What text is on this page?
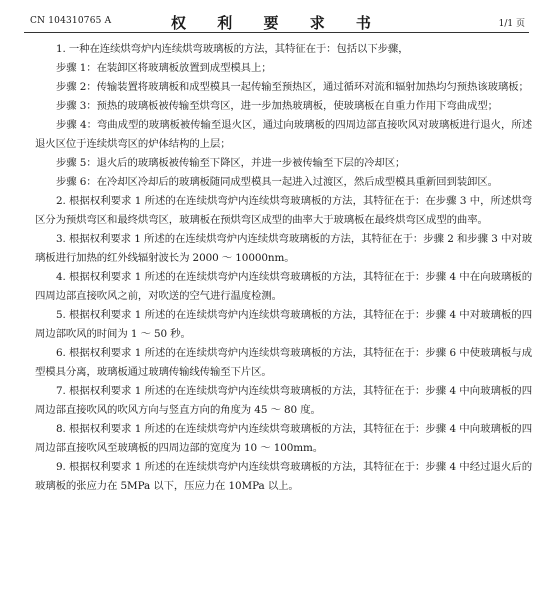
CN 104310765 A	权 利 要 求 书	1/1 页

1. 一种在连续烘弯炉内连续烘弯玻璃板的方法，其特征在于：包括以下步骤，

步骤 1：在装卸区将玻璃板放置到成型模具上；

步骤 2：传输装置将玻璃板和成型模具一起传输至预热区，通过循环对流和辐射加热均匀预热该玻璃板；

步骤 3：预热的玻璃板被传输至烘弯区，进一步加热玻璃板，使玻璃板在自重力作用下弯曲成型；

步骤 4：弯曲成型的玻璃板被传输至退火区，通过向玻璃板的四周边部直接吹风对玻璃板进行退火，所述退火区位于连续烘弯区的炉体结构的上层；

步骤 5：退火后的玻璃板被传输至下降区，并进一步被传输至下层的冷却区；

步骤 6：在冷却区冷却后的玻璃板随同成型模具一起进入过渡区，然后成型模具重新回到装卸区。

2. 根据权利要求 1 所述的在连续烘弯炉内连续烘弯玻璃板的方法，其特征在于：在步骤 3 中，所述烘弯区分为预烘弯区和最终烘弯区，玻璃板在预烘弯区成型的曲率大于玻璃板在最终烘弯区成型的曲率。

3. 根据权利要求 1 所述的在连续烘弯炉内连续烘弯玻璃板的方法，其特征在于：步骤 2 和步骤 3 中对玻璃板进行加热的红外线辐射波长为 2000 ～ 10000nm。

4. 根据权利要求 1 所述的在连续烘弯炉内连续烘弯玻璃板的方法，其特征在于：步骤 4 中在向玻璃板的四周边部直接吹风之前，对吹送的空气进行温度检测。

5. 根据权利要求 1 所述的在连续烘弯炉内连续烘弯玻璃板的方法，其特征在于：步骤 4 中对玻璃板的四周边部吹风的时间为 1 ～ 50 秒。

6. 根据权利要求 1 所述的在连续烘弯炉内连续烘弯玻璃板的方法，其特征在于：步骤 6 中使玻璃板与成型模具分离，玻璃板通过玻璃传输线传输至下片区。

7. 根据权利要求 1 所述的在连续烘弯炉内连续烘弯玻璃板的方法，其特征在于：步骤 4 中向玻璃板的四周边部直接吹风的吹风方向与竖直方向的角度为 45 ～ 80 度。

8. 根据权利要求 1 所述的在连续烘弯炉内连续烘弯玻璃板的方法，其特征在于：步骤 4 中向玻璃板的四周边部直接吹风至玻璃板的四周边部的宽度为 10 ～ 100mm。

9. 根据权利要求 1 所述的在连续烘弯炉内连续烘弯玻璃板的方法，其特征在于：步骤 4 中经过退火后的玻璃板的张应力在 5MPa 以下，压应力在 10MPa 以上。
